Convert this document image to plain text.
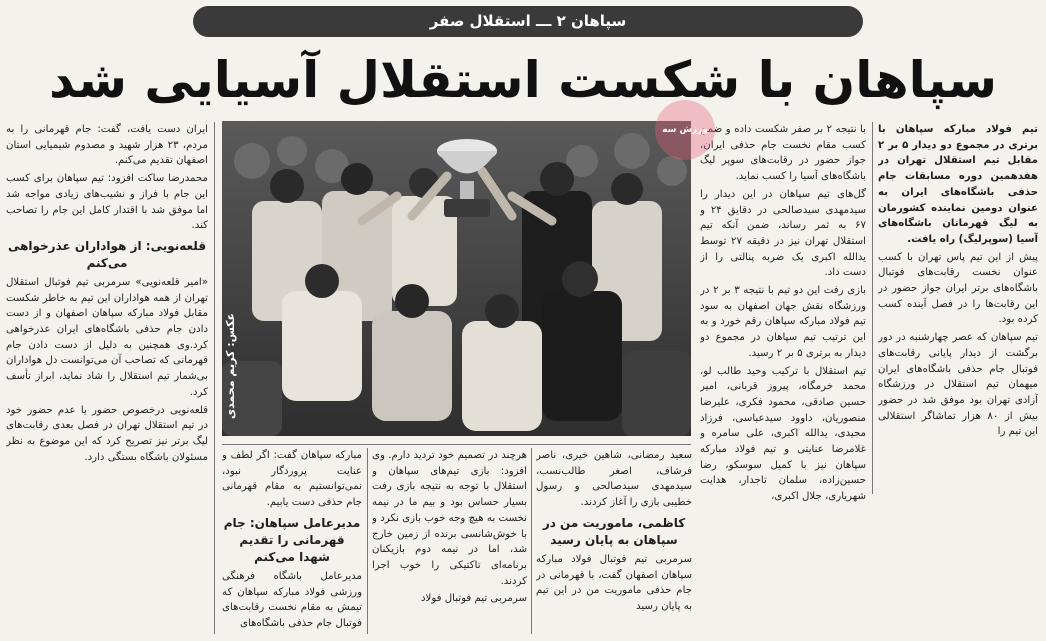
سپاهان ۲ ـــ استقلال صفر
سپاهان با شکست استقلال آسیایی شد

تیم فولاد مبارکه سپاهان با برتری در مجموع دو دیدار ۵ بر ۲ مقابل تیم استقلال تهران در هفدهمین دوره مسابقات جام حذفی باشگاه‌های ایران به عنوان دومین نماینده کشورمان به لیگ قهرمانان باشگاه‌های آسیا (سوپرلیگ) راه یافت.

پیش از این تیم پاس تهران با کسب عنوان نخست رقابت‌های فوتبال باشگاه‌های برتر ایران جواز حضور در این رقابت‌ها را در فصل آینده کسب کرده بود.

تیم سپاهان که عصر چهارشنبه در دور برگشت از دیدار پایانی رقابت‌های فوتبال جام حذفی باشگاه‌های ایران میهمان تیم استقلال در ورزشگاه آزادی تهران بود موفق شد در حضور بیش از ۸۰ هزار تماشاگر استقلالی این تیم را

با نتیجه ۲ بر صفر شکست داده و ضمن کسب مقام نخست جام حذفی ایران، جواز حضور در رقابت‌های سوپر لیگ باشگاه‌های آسیا را کسب نماید.

گل‌های تیم سپاهان در این دیدار را سیدمهدی سیدصالحی در دقایق ۲۴ و ۶۷ به ثمر رساند، ضمن آنکه تیم استقلال تهران نیز در دقیقه ۲۷ توسط یدالله اکبری یک ضربه پنالتی را از دست داد.

بازی رفت این دو تیم با نتیجه ۳ بر ۲ در ورزشگاه نقش جهان اصفهان به سود تیم فولاد مبارکه سپاهان رقم خورد و به این ترتیب تیم سپاهان در مجموع دو دیدار به برتری ۵ بر ۲ رسید.

تیم استقلال با ترکیب وحید طالب لو، محمد خرمگاه، پیروز قربانی، امیر حسین صادقی، محمود فکری، علیرضا منصوریان، داوود سیدعباسی، فرزاد مجیدی، یدالله اکبری، علی سامره و غلامرضا عنایتی و تیم فولاد مبارکه سپاهان نیز با کمیل سوسکو، رضا حسین‌زاده، سلمان تاجدار، هدایت شهریاری، جلال اکبری،

عکس: کریم محمدی
ورزش سه

سعید رمضانی، شاهین خیری، ناصر فرشاف، اصغر طالب‌نسب، سیدمهدی سیدصالحی و رسول خطیبی بازی را آغاز کردند.

کاظمی، ماموریت من در سپاهان به پایان رسید

سرمربی تیم فوتبال فولاد مبارکه سپاهان اصفهان گفت، با قهرمانی در جام حذفی ماموریت من در این تیم به پایان رسید

هرچند در تصمیم خود تردید دارم. وی افزود: بازی تیم‌های سپاهان و استقلال با توجه به نتیجه بازی رفت بسیار حساس بود و بیم ما در نیمه نخست به هیچ وجه خوب بازی نکرد و با خوش‌شانسی برنده از زمین خارج شد، اما در نیمه دوم بازیکنان برنامه‌ای تاکتیکی را خوب اجرا کردند.

سرمربی تیم فوتبال فولاد

مبارکه سپاهان گفت: اگر لطف و عنایت پروردگار نبود، نمی‌توانستیم به مقام قهرمانی جام حذفی دست یابیم.

مدیرعامل سپاهان: جام قهرمانی را تقدیم شهدا می‌کنم

مدیرعامل باشگاه فرهنگی ورزشی فولاد مبارکه سپاهان که تیمش به مقام نخست رقابت‌های فوتبال جام حذفی باشگاه‌های

ایران دست یافت، گفت: جام قهرمانی را به مردم، ۲۳ هزار شهید و مصدوم شیمیایی استان اصفهان تقدیم می‌کنم.

محمدرضا ساکت افزود: تیم سپاهان برای کسب این جام با فراز و نشیب‌های زیادی مواجه شد اما موفق شد با اقتدار کامل این جام را تصاحب کند.

قلعه‌نویی: از هواداران عذرخواهی می‌کنم

«امیر قلعه‌نویی» سرمربی تیم فوتبال استقلال تهران از همه هواداران این تیم به خاطر شکست مقابل فولاد مبارکه سپاهان اصفهان و از دست دادن جام حذفی باشگاه‌های ایران عذرخواهی کرد.وی همچنین به دلیل از دست دادن جام قهرمانی که تصاحب آن می‌توانست دل هواداران بی‌شمار تیم استقلال را شاد نماید، ابراز تأسف کرد.

قلعه‌نویی درخصوص حضور یا عدم حضور خود در تیم استقلال تهران در فصل بعدی رقابت‌های لیگ برتر نیز تصریح کرد که این موضوع به نظر مسئولان باشگاه بستگی دارد.
